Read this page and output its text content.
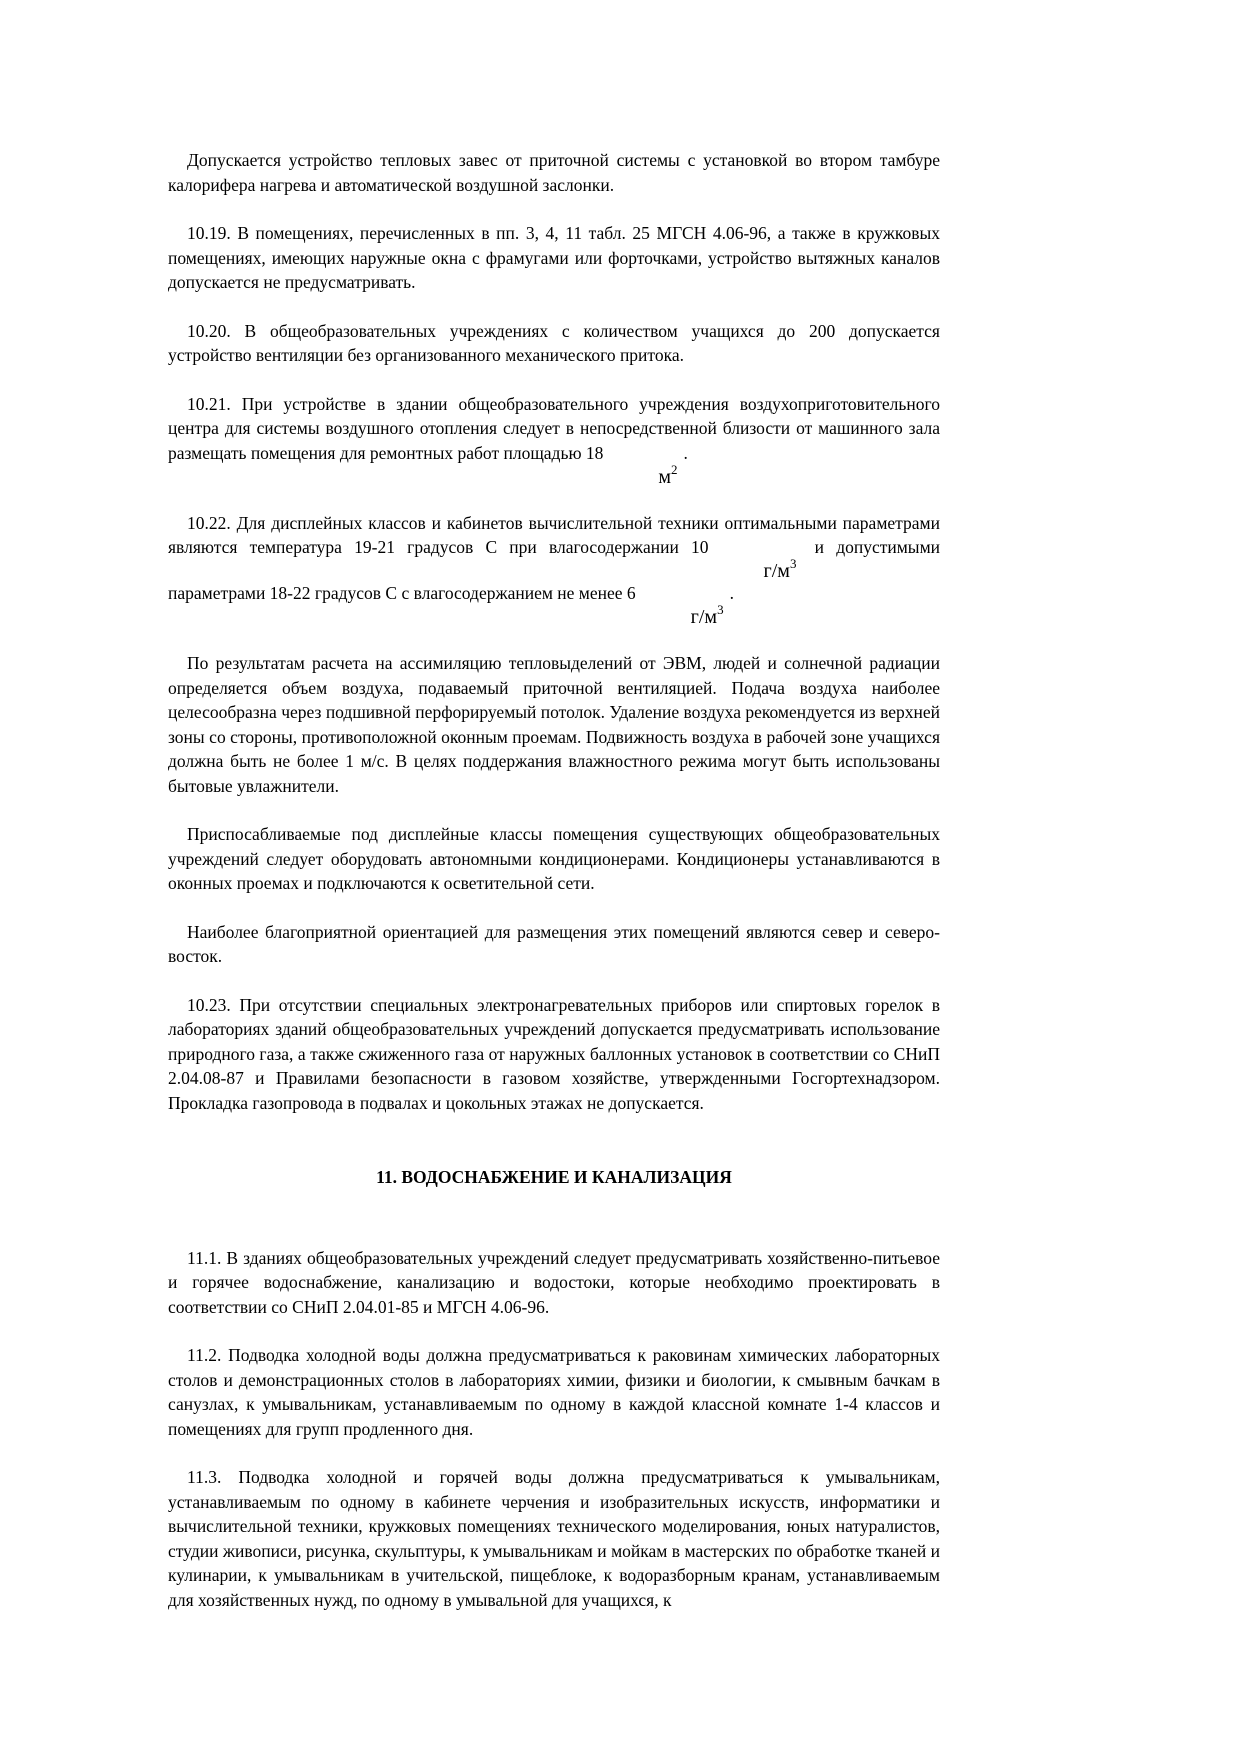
Допускается устройство тепловых завес от приточной системы с установкой во втором тамбуре калорифера нагрева и автоматической воздушной заслонки.

10.19. В помещениях, перечисленных в пп. 3, 4, 11 табл. 25 МГСН 4.06-96, а также в кружковых помещениях, имеющих наружные окна с фрамугами или форточками, устройство вытяжных каналов допускается не предусматривать.

10.20. В общеобразовательных учреждениях с количеством учащихся до 200 допускается устройство вентиляции без организованного механического притока.

10.21. При устройстве в здании общеобразовательного учреждения воздухоприготовительного центра для системы воздушного отопления следует в непосредственной близости от машинного зала размещать помещения для ремонтных работ площадью $18м^2$.

10.22. Для дисплейных классов и кабинетов вычислительной техники оптимальными параметрами являются температура 19-21 градусов С при влагосодержании $10г/м^3$ и допустимыми параметрами 18-22 градусов С с влагосодержанием не менее $6г/м^3$.

По результатам расчета на ассимиляцию тепловыделений от ЭВМ, людей и солнечной радиации определяется объем воздуха, подаваемый приточной вентиляцией. Подача воздуха наиболее целесообразна через подшивной перфорируемый потолок. Удаление воздуха рекомендуется из верхней зоны со стороны, противоположной оконным проемам. Подвижность воздуха в рабочей зоне учащихся должна быть не более 1 м/с. В целях поддержания влажностного режима могут быть использованы бытовые увлажнители.

Приспосабливаемые под дисплейные классы помещения существующих общеобразовательных учреждений следует оборудовать автономными кондиционерами. Кондиционеры устанавливаются в оконных проемах и подключаются к осветительной сети.

Наиболее благоприятной ориентацией для размещения этих помещений являются север и северо-восток.

10.23. При отсутствии специальных электронагревательных приборов или спиртовых горелок в лабораториях зданий общеобразовательных учреждений допускается предусматривать использование природного газа, а также сжиженного газа от наружных баллонных установок в соответствии со СНиП 2.04.08-87 и Правилами безопасности в газовом хозяйстве, утвержденными Госгортехнадзором. Прокладка газопровода в подвалах и цокольных этажах не допускается.

11. ВОДОСНАБЖЕНИЕ И КАНАЛИЗАЦИЯ

11.1. В зданиях общеобразовательных учреждений следует предусматривать хозяйственно-питьевое и горячее водоснабжение, канализацию и водостоки, которые необходимо проектировать в соответствии со СНиП 2.04.01-85 и МГСН 4.06-96.

11.2. Подводка холодной воды должна предусматриваться к раковинам химических лабораторных столов и демонстрационных столов в лабораториях химии, физики и биологии, к смывным бачкам в санузлах, к умывальникам, устанавливаемым по одному в каждой классной комнате 1-4 классов и помещениях для групп продленного дня.

11.3. Подводка холодной и горячей воды должна предусматриваться к умывальникам, устанавливаемым по одному в кабинете черчения и изобразительных искусств, информатики и вычислительной техники, кружковых помещениях технического моделирования, юных натуралистов, студии живописи, рисунка, скульптуры, к умывальникам и мойкам в мастерских по обработке тканей и кулинарии, к умывальникам в учительской, пищеблоке, к водоразборным кранам, устанавливаемым для хозяйственных нужд, по одному в умывальной для учащихся, к
